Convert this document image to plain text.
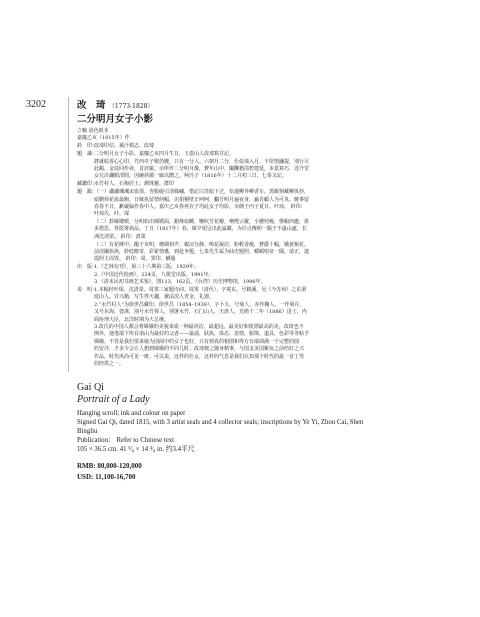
3202	改　琦 （1773-1828）
二分明月女子小影
立軸 設色紙本
嘉慶乙亥（1815年）作
鈐　印：
改琦印信、孫汗梢志、改琦
題　識：
二分明月女子小影。嘉慶乙亥四月生日，玉壺山人改琦寫并記。
將就暗香心心印，竹西亭子歎仍腰，只有一分人。六朝月二分，仕似飛入月。不堅情瀰提，別行尽
此鶴，金徒回作尋，首評羅，余所作二分明月像，費年山中，闌攤猶淸碧建延，步臺寫巧，述介堂
女兄計讕館清閒，因繪斜漪一廊以贈之。柯冯子（1816年）十二月初三日，七茶又記。
藏鑑印：
水竹村人、石梅居士、潤珠靈、群印
題　跋：
（一）瀟瀟颯颯宋血倩，杏般硯引清綠嘯，惜記白苏暗下过，恰遣柳外柳香车。黑観刻藏柳体抄，
頑劉荷花血最跑，日嫁执留情何幅，识捐桐壁正呵呵，鵬吾明月遍夜身，赢肖顧人为可真。暁事留
春春不日，歉嚴偏作春中人。嘉庆乙亥春再在子均此女子均影，余簡于丙子夏日。叶琼。 鈐印：
叶琼氏、叶、琛
（二）鈔絲媲媛，分明始出嫦媛面，銀烽似鰥，嫵吹芳花瓣，嚕煙云鬢，小腰兜瘦，憔粮西邀，拼
多愁思，背陰雾執品。丁丑（1817年）春，嫦夕相呈出此属藏，为许点傳明一闋于不遠山處。长
洲沈清榮。 鈐印：清榮
（三）有花睡中，醒于亥明，珊瑚初声，椒凉分静，嗚花凝居，粉輕香瘦，費爵十幅，嬌黃頻花，
前淡闌执涣，鈴唸醉寄，彩霍情翥，到赴争题，七茶先生属为仙史题照，嚼順唱帝一闋，请正，遗
霞照主周霁。 鈐印：周、霁印、臙脂
出　版：
1.《艺林旬刊》，第三十六期第三版，1929年。
2.《中国近代绘画》，224页，九歌堂出版，1991年。
3.《清末民初书画艺术鉴》，图113，162页，《台湾》历史博物馆，1996年。
说　明：
1.本幅经叶琛、沈清榮、周霁三家题诗词。周霁（清代），字冕东，号鹤溪，吴（今苏州）之东洞
庭山人。宜兴籍，写生得天趣，兼法淡人青金，礼器。
2.“水竹村人”为徐世昌藏印。徐世昌（1854–1939），字卜五，号菊人，亦作鞠人，一作菊存，
又号东海，弢斋，别号水竹邨人，别署水竹，石门山人，天津人。光绪十二年（1886）进士，内
阁协理大臣，北洋时期为大总统。
3.改氏的中国人都会将嫦娥的美貌来成一种最尚洁，最超远，最美好和银漂最高的美，改琦也不
例外，他笔端下所有诸山为最好的父者——最溢，肤执，体态，表情，服饰，道具，色彩等等贴予
嫦娥。不管是我们要来她为国阅中的女子也好，只有到真的相图和得方台端调满一个完整的圆
的安详，才多少会让人想到嫦娥的不同几时。改琦便之随身精事，与国支美国紫玩之前结好之兴
作品，时代风尚可见一斑。可以说，这样的仕女，这样的气息是我们认知那个时代的最一首丁男
的经供之一。
Gai Qi
Portrait of a Lady
Hanging scroll; ink and colour on paper
Signed Gai Qi, dated 1815, with 3 artist seals and 4 collector seals; inscriptions by Ye Yi, Zhou Cai, Shen
Bingliu
Publication： Refer to Chinese text
105 × 36.5 cm. 41 ⁵⁄₈ × 14 ³⁄₈ in. 约3.4平尺
RMB: 80,000-120,000
USD: 11,100-16,700
